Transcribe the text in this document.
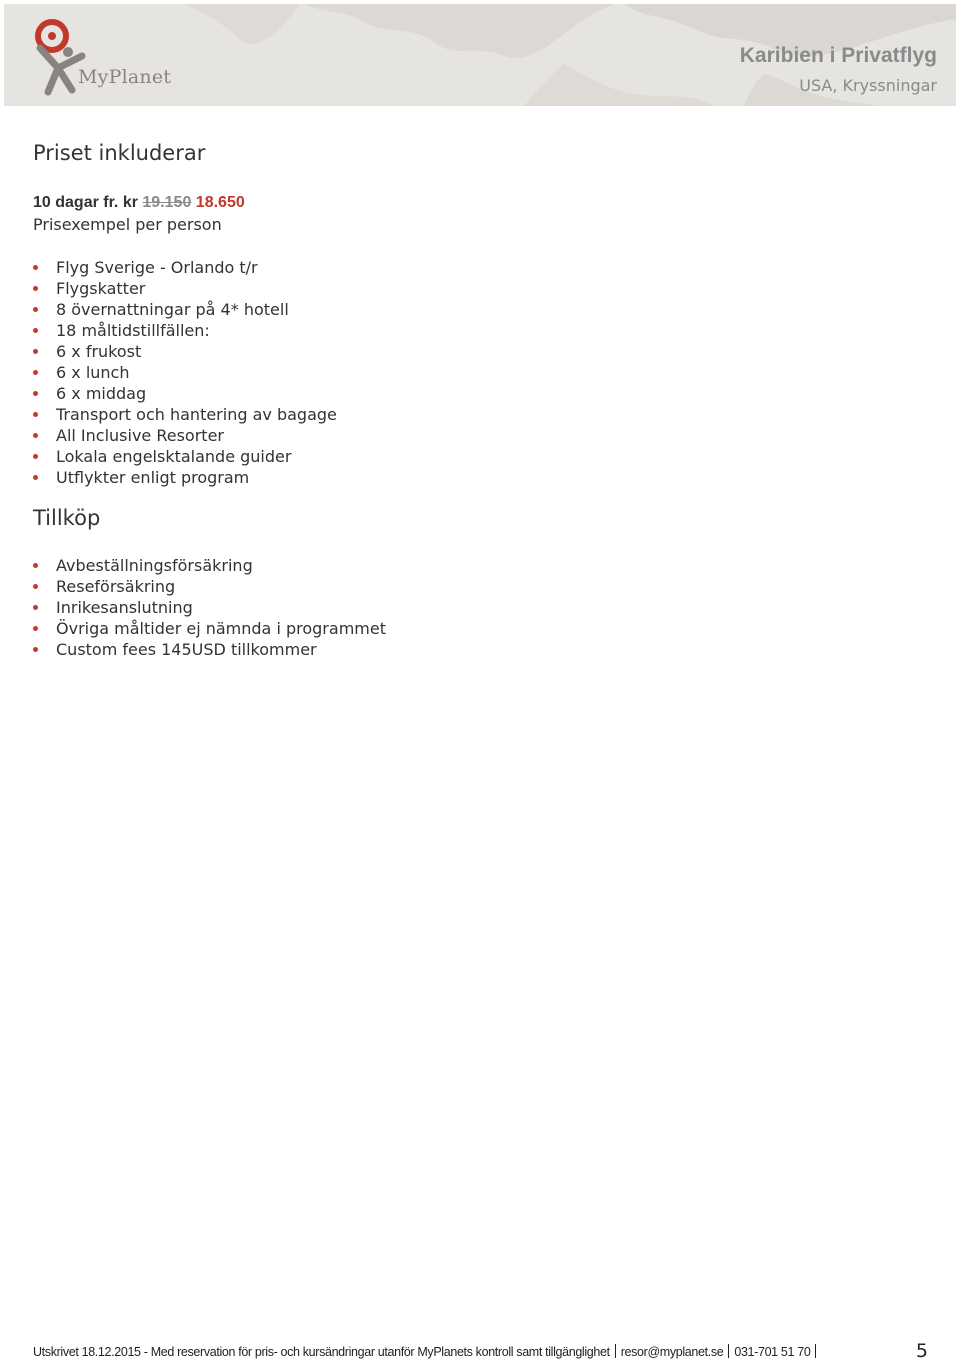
MyPlanet
Karibien i Privatflyg
USA, Kryssningar
Priset inkluderar
10 dagar fr. kr 19.150 18.650
Prisexempel per person
Flyg Sverige - Orlando t/r
Flygskatter
8 övernattningar på 4* hotell
18 måltidstillfällen:
6 x frukost
6 x lunch
6 x middag
Transport och hantering av bagage
All Inclusive Resorter
Lokala engelsktalande guider
Utflykter enligt program
Tillköp
Avbeställningsförsäkring
Reseförsäkring
Inrikesanslutning
Övriga måltider ej nämnda i programmet
Custom fees 145USD tillkommer
Utskrivet 18.12.2015 - Med reservation för pris- och kursändringar utanför MyPlanets kontroll samt tillgänglighet resor@myplanet.se 031-701 51 70	5
